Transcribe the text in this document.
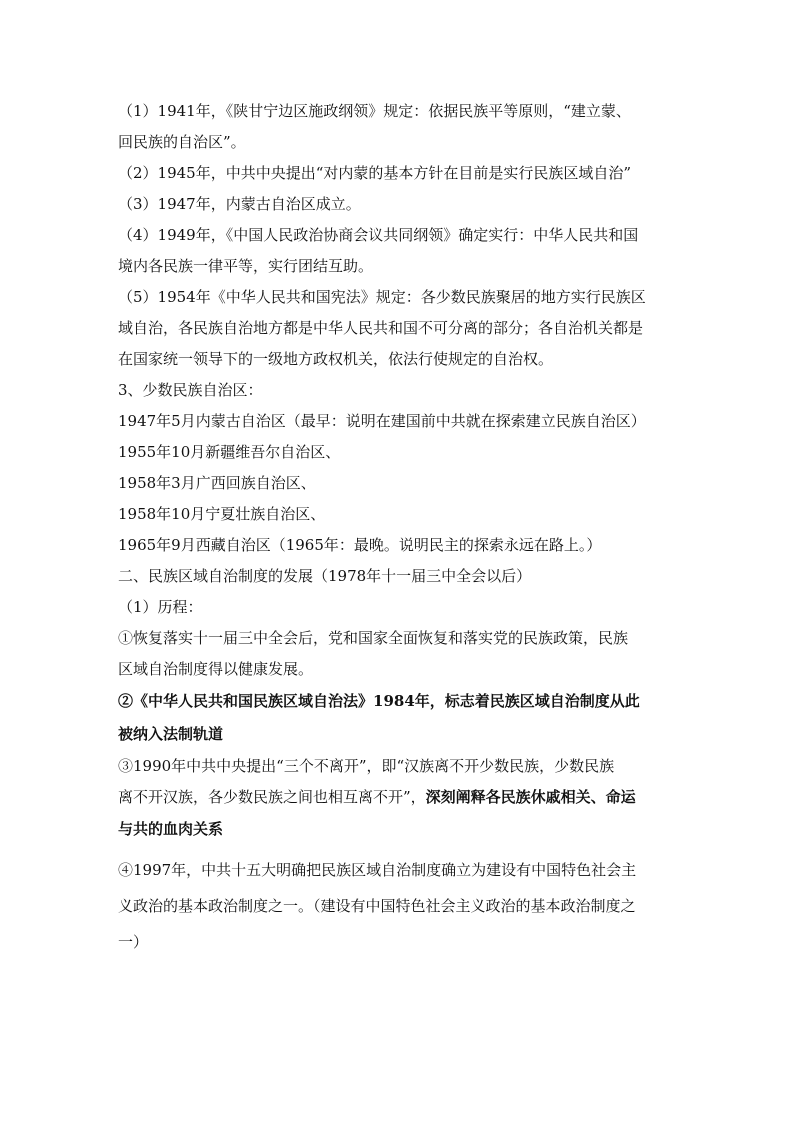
（1）1941年，《陕甘宁边区施政纲领》规定：依据民族平等原则，“建立蒙、
回民族的自治区”。
（2）1945年，中共中央提出“对内蒙的基本方针在目前是实行民族区域自治”
（3）1947年，内蒙古自治区成立。
（4）1949年，《中国人民政治协商会议共同纲领》确定实行：中华人民共和国
境内各民族一律平等，实行团结互助。
（5）1954年《中华人民共和国宪法》规定：各少数民族聚居的地方实行民族区
域自治，各民族自治地方都是中华人民共和国不可分离的部分；各自治机关都是
在国家统一领导下的一级地方政权机关，依法行使规定的自治权。
3、少数民族自治区：
1947年5月内蒙古自治区（最早：说明在建国前中共就在探索建立民族自治区）
1955年10月新疆维吾尔自治区、
1958年3月广西回族自治区、
1958年10月宁夏壮族自治区、
1965年9月西藏自治区（1965年：最晚。说明民主的探索永远在路上。）
二、民族区域自治制度的发展（1978年十一届三中全会以后）
（1）历程：
①恢复落实十一届三中全会后，党和国家全面恢复和落实党的民族政策，民族
区域自治制度得以健康发展。
②《中华人民共和国民族区域自治法》1984年，标志着民族区域自治制度从此
被纳入法制轨道
③1990年中共中央提出“三个不离开”，即“汉族离不开少数民族，少数民族
离不开汉族，各少数民族之间也相互离不开”，深刻阐释各民族休戚相关、命运
与共的血肉关系
④1997年，中共十五大明确把民族区域自治制度确立为建设有中国特色社会主
义政治的基本政治制度之一。（建设有中国特色社会主义政治的基本政治制度之
一）
